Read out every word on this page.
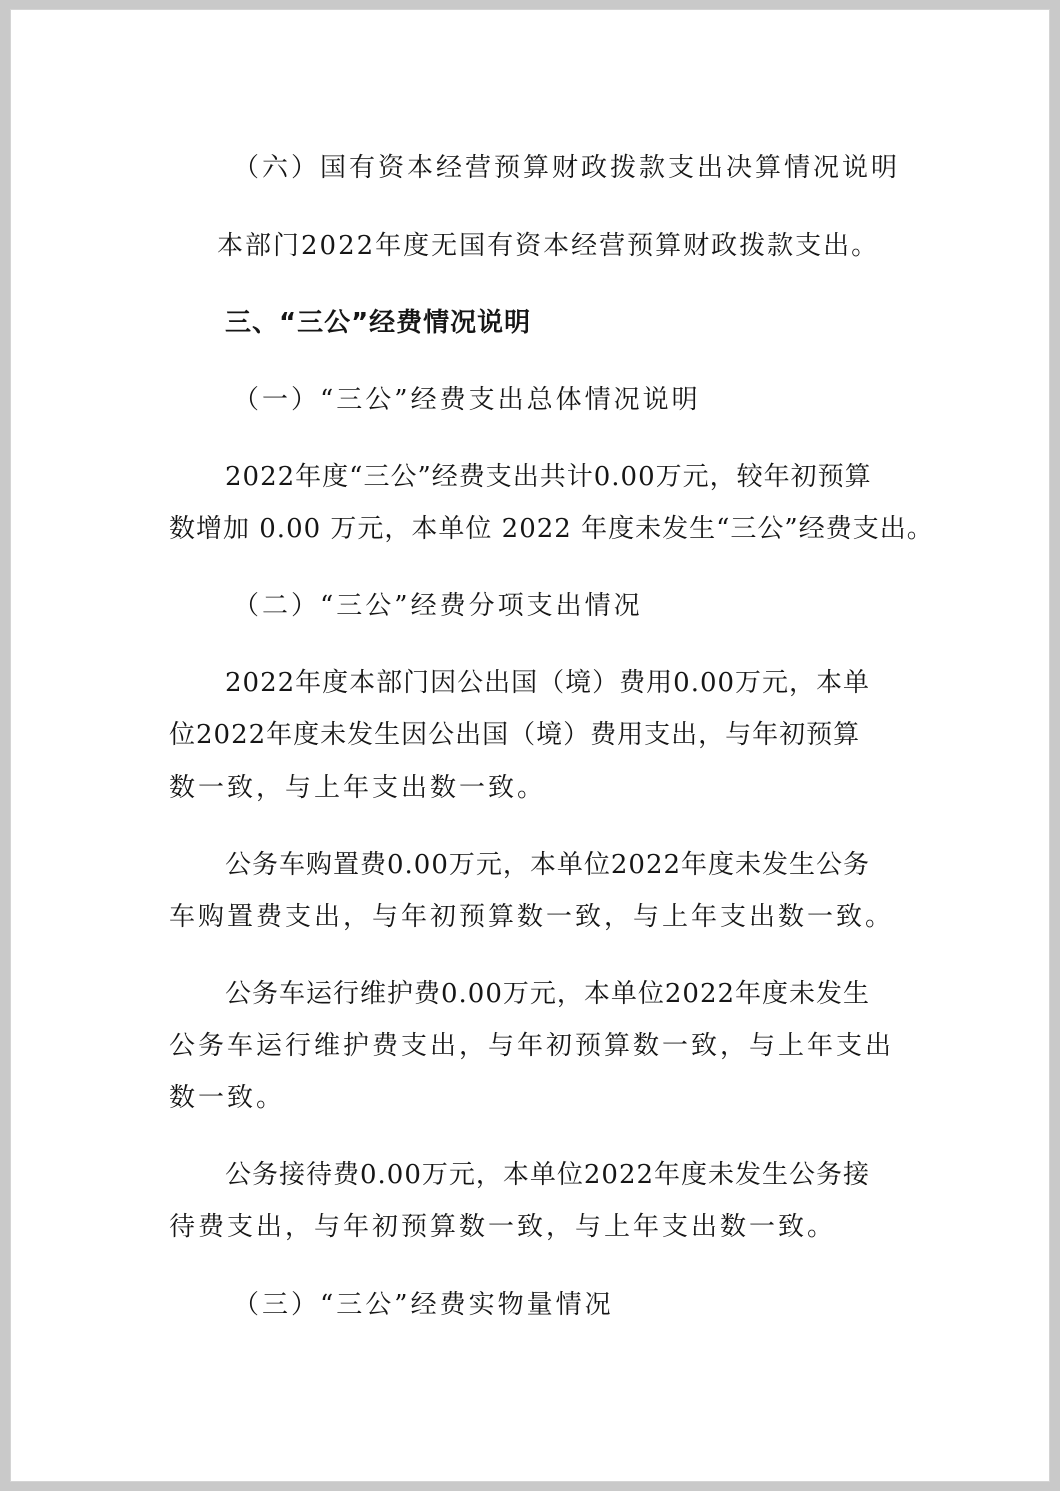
（六）国有资本经营预算财政拨款支出决算情况说明
本部门2022年度无国有资本经营预算财政拨款支出。
三、“三公”经费情况说明
（一）“三公”经费支出总体情况说明
2022年度“三公”经费支出共计0.00万元，较年初预算
数增加 0.00 万元，本单位 2022 年度未发生“三公”经费支出。
（二）“三公”经费分项支出情况
2022年度本部门因公出国（境）费用0.00万元，本单
位2022年度未发生因公出国（境）费用支出，与年初预算
数一致，与上年支出数一致。
公务车购置费0.00万元，本单位2022年度未发生公务
车购置费支出，与年初预算数一致，与上年支出数一致。
公务车运行维护费0.00万元，本单位2022年度未发生
公务车运行维护费支出，与年初预算数一致，与上年支出
数一致。
公务接待费0.00万元，本单位2022年度未发生公务接
待费支出，与年初预算数一致，与上年支出数一致。
（三）“三公”经费实物量情况
